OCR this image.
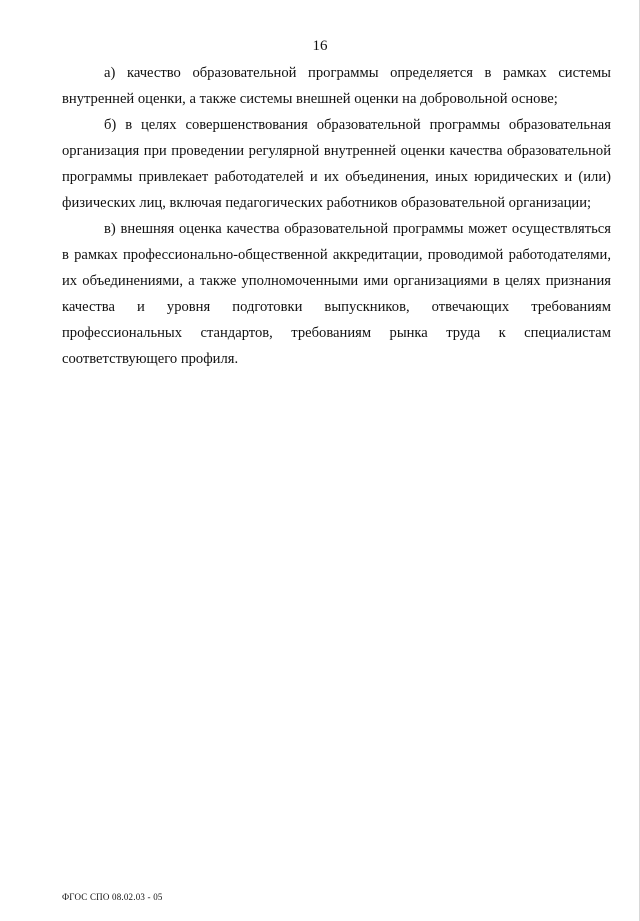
16

а) качество образовательной программы определяется в рамках системы внутренней оценки, а также системы внешней оценки на добровольной основе;

б) в целях совершенствования образовательной программы образовательная организация при проведении регулярной внутренней оценки качества образовательной программы привлекает работодателей и их объединения, иных юридических и (или) физических лиц, включая педагогических работников образовательной организации;

в) внешняя оценка качества образовательной программы может осуществляться в рамках профессионально-общественной аккредитации, проводимой работодателями, их объединениями, а также уполномоченными ими организациями в целях признания качества и уровня подготовки выпускников, отвечающих требованиям профессиональных стандартов, требованиям рынка труда к специалистам соответствующего профиля.

ФГОС СПО 08.02.03 - 05
